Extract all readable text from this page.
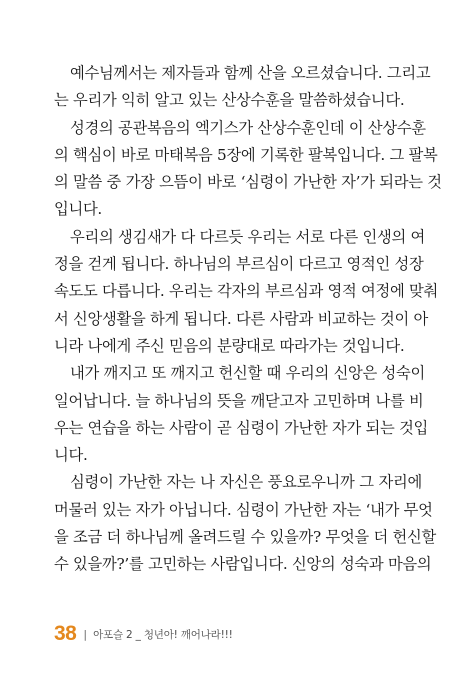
예수님께서는 제자들과 함께 산을 오르셨습니다. 그리고
는 우리가 익히 알고 있는 산상수훈을 말씀하셨습니다.
성경의 공관복음의 엑기스가 산상수훈인데 이 산상수훈
의 핵심이 바로 마태복음 5장에 기록한 팔복입니다. 그 팔복
의 말씀 중 가장 으뜸이 바로 ‘심령이 가난한 자’가 되라는 것
입니다.
우리의 생김새가 다 다르듯 우리는 서로 다른 인생의 여
정을 걷게 됩니다. 하나님의 부르심이 다르고 영적인 성장
속도도 다릅니다. 우리는 각자의 부르심과 영적 여정에 맞춰
서 신앙생활을 하게 됩니다. 다른 사람과 비교하는 것이 아
니라 나에게 주신 믿음의 분량대로 따라가는 것입니다.
내가 깨지고 또 깨지고 헌신할 때 우리의 신앙은 성숙이
일어납니다. 늘 하나님의 뜻을 깨닫고자 고민하며 나를 비
우는 연습을 하는 사람이 곧 심령이 가난한 자가 되는 것입
니다.
심령이 가난한 자는 나 자신은 풍요로우니까 그 자리에
머물러 있는 자가 아닙니다. 심령이 가난한 자는 ‘내가 무엇
을 조금 더 하나님께 올려드릴 수 있을까? 무엇을 더 헌신할
수 있을까?’를 고민하는 사람입니다. 신앙의 성숙과 마음의
38 | 아포슬 2 _ 청년아! 깨어나라!!!
